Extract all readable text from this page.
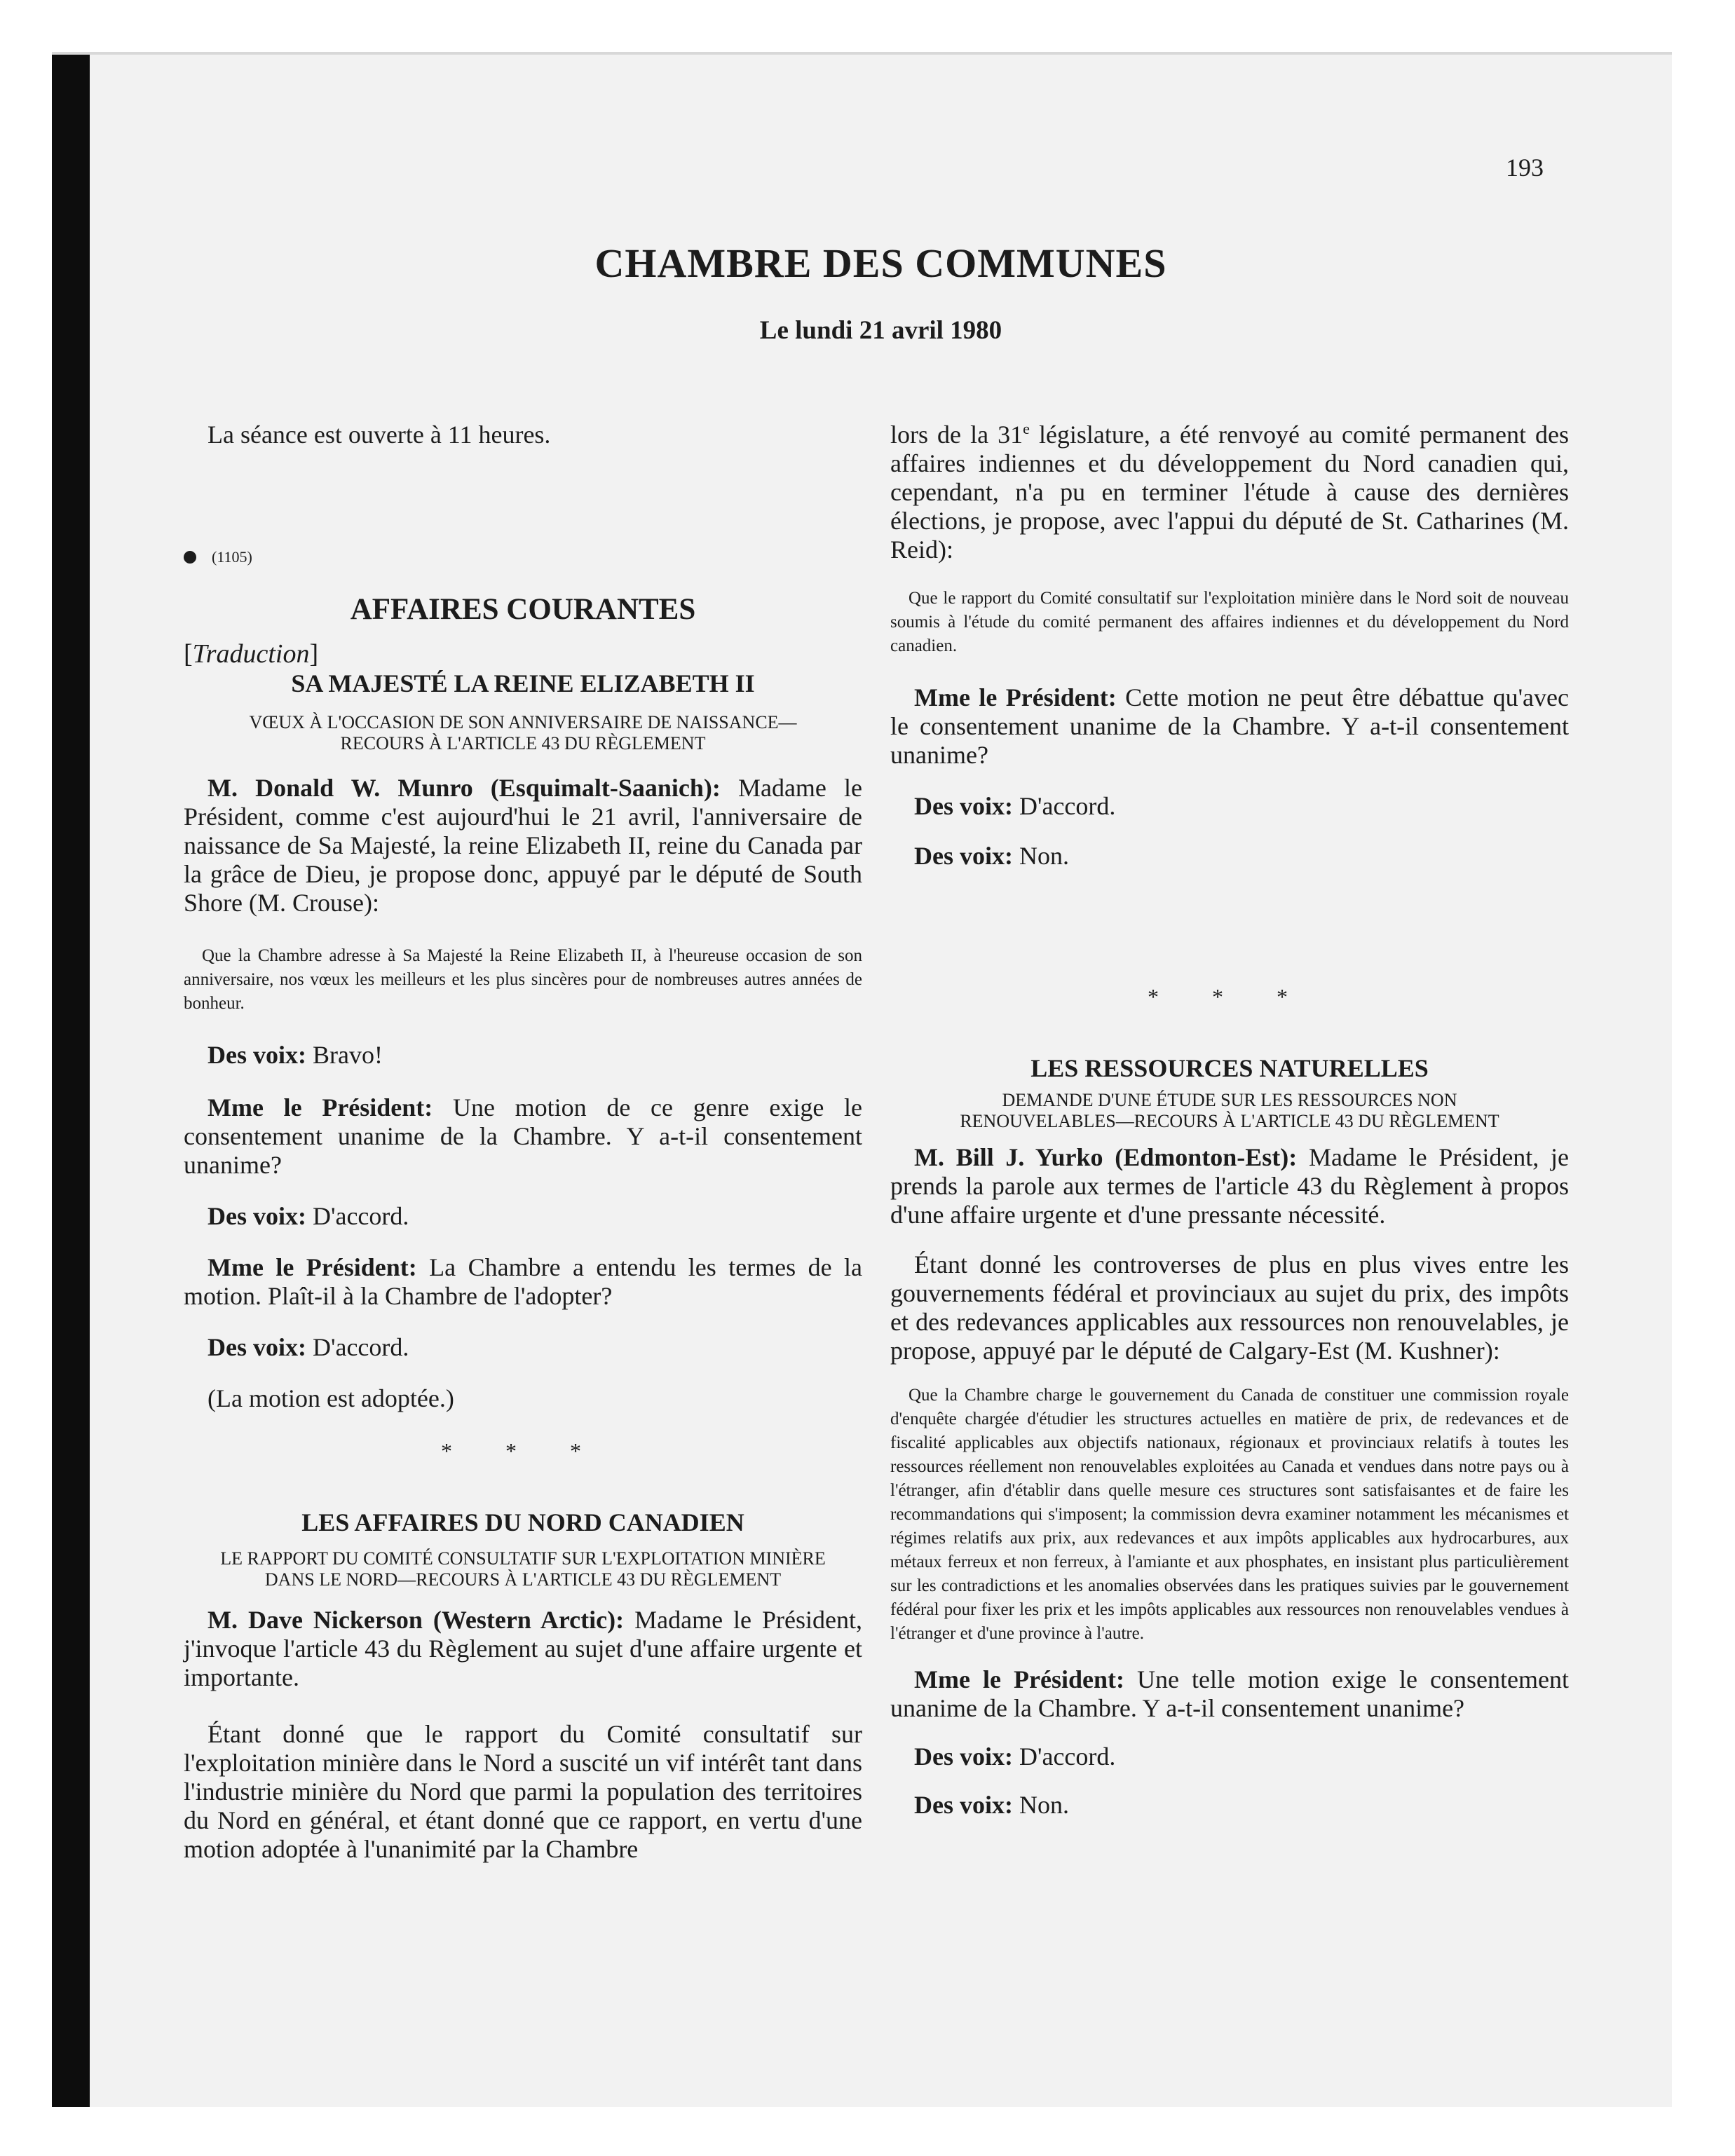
193
CHAMBRE DES COMMUNES
Le lundi 21 avril 1980

La séance est ouverte à 11 heures.

(1105)

AFFAIRES COURANTES

[Traduction]

SA MAJESTÉ LA REINE ELIZABETH II

VŒUX À L'OCCASION DE SON ANNIVERSAIRE DE NAISSANCE— RECOURS À L'ARTICLE 43 DU RÈGLEMENT

M. Donald W. Munro (Esquimalt-Saanich): Madame le Président, comme c'est aujourd'hui le 21 avril, l'anniversaire de naissance de Sa Majesté, la reine Elizabeth II, reine du Canada par la grâce de Dieu, je propose donc, appuyé par le député de South Shore (M. Crouse):

Que la Chambre adresse à Sa Majesté la Reine Elizabeth II, à l'heureuse occasion de son anniversaire, nos vœux les meilleurs et les plus sincères pour de nombreuses autres années de bonheur.

Des voix: Bravo!

Mme le Président: Une motion de ce genre exige le consentement unanime de la Chambre. Y a-t-il consentement unanime?

Des voix: D'accord.

Mme le Président: La Chambre a entendu les termes de la motion. Plaît-il à la Chambre de l'adopter?

Des voix: D'accord.

(La motion est adoptée.)

* * *

LES AFFAIRES DU NORD CANADIEN

LE RAPPORT DU COMITÉ CONSULTATIF SUR L'EXPLOITATION MINIÈRE DANS LE NORD—RECOURS À L'ARTICLE 43 DU RÈGLEMENT

M. Dave Nickerson (Western Arctic): Madame le Président, j'invoque l'article 43 du Règlement au sujet d'une affaire urgente et importante.

Étant donné que le rapport du Comité consultatif sur l'exploitation minière dans le Nord a suscité un vif intérêt tant dans l'industrie minière du Nord que parmi la population des territoires du Nord en général, et étant donné que ce rapport, en vertu d'une motion adoptée à l'unanimité par la Chambre

lors de la 31e législature, a été renvoyé au comité permanent des affaires indiennes et du développement du Nord canadien qui, cependant, n'a pu en terminer l'étude à cause des dernières élections, je propose, avec l'appui du député de St. Catharines (M. Reid):

Que le rapport du Comité consultatif sur l'exploitation minière dans le Nord soit de nouveau soumis à l'étude du comité permanent des affaires indiennes et du développement du Nord canadien.

Mme le Président: Cette motion ne peut être débattue qu'avec le consentement unanime de la Chambre. Y a-t-il consentement unanime?

Des voix: D'accord.

Des voix: Non.

* * *

LES RESSOURCES NATURELLES

DEMANDE D'UNE ÉTUDE SUR LES RESSOURCES NON RENOUVELABLES—RECOURS À L'ARTICLE 43 DU RÈGLEMENT

M. Bill J. Yurko (Edmonton-Est): Madame le Président, je prends la parole aux termes de l'article 43 du Règlement à propos d'une affaire urgente et d'une pressante nécessité.

Étant donné les controverses de plus en plus vives entre les gouvernements fédéral et provinciaux au sujet du prix, des impôts et des redevances applicables aux ressources non renouvelables, je propose, appuyé par le député de Calgary-Est (M. Kushner):

Que la Chambre charge le gouvernement du Canada de constituer une commission royale d'enquête chargée d'étudier les structures actuelles en matière de prix, de redevances et de fiscalité applicables aux objectifs nationaux, régionaux et provinciaux relatifs à toutes les ressources réellement non renouvelables exploitées au Canada et vendues dans notre pays ou à l'étranger, afin d'établir dans quelle mesure ces structures sont satisfaisantes et de faire les recommandations qui s'imposent; la commission devra examiner notamment les mécanismes et régimes relatifs aux prix, aux redevances et aux impôts applicables aux hydrocarbures, aux métaux ferreux et non ferreux, à l'amiante et aux phosphates, en insistant plus particulièrement sur les contradictions et les anomalies observées dans les pratiques suivies par le gouvernement fédéral pour fixer les prix et les impôts applicables aux ressources non renouvelables vendues à l'étranger et d'une province à l'autre.

Mme le Président: Une telle motion exige le consentement unanime de la Chambre. Y a-t-il consentement unanime?

Des voix: D'accord.

Des voix: Non.
